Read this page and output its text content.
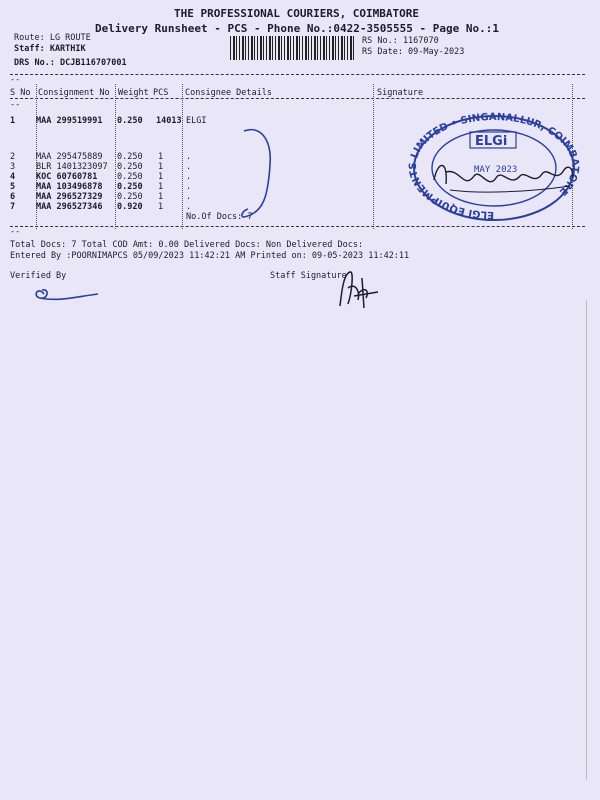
THE PROFESSIONAL COURIERS, COIMBATORE
Delivery Runsheet - PCS - Phone No.:0422-3505555 - Page No.:1
Route: LG ROUTE
Staff: KARTHIK
DRS No.: DCJB116707001
RS No.: 1167070
RS Date: 09-May-2023
--
S No Consignment No Weight PCS Consignee Details	Signature
--
1 MAA 299519991 0.250 14013 ELGI
2 MAA 295475889 0.250 1	.
3 BLR 1401323097 0.250 1	.
4 KOC 60760781 0.250 1	.
5 MAA 103496878 0.250 1	.
6 MAA 296527329 0.250 1	.
7 MAA 296527346 0.920 1	.
No.Of Docs: 7
--
Total Docs: 7 Total COD Amt: 0.00 Delivered Docs: Non Delivered Docs:
Entered By :POORNIMAPCS 05/09/2023 11:42:21 AM Printed on: 09-05-2023 11:42:11
Verified By	Staff Signature
ELGI EQUIPMENTS LIMITED • SINGANALLUR, COIMBATORE
ELGi
MAY 2023
